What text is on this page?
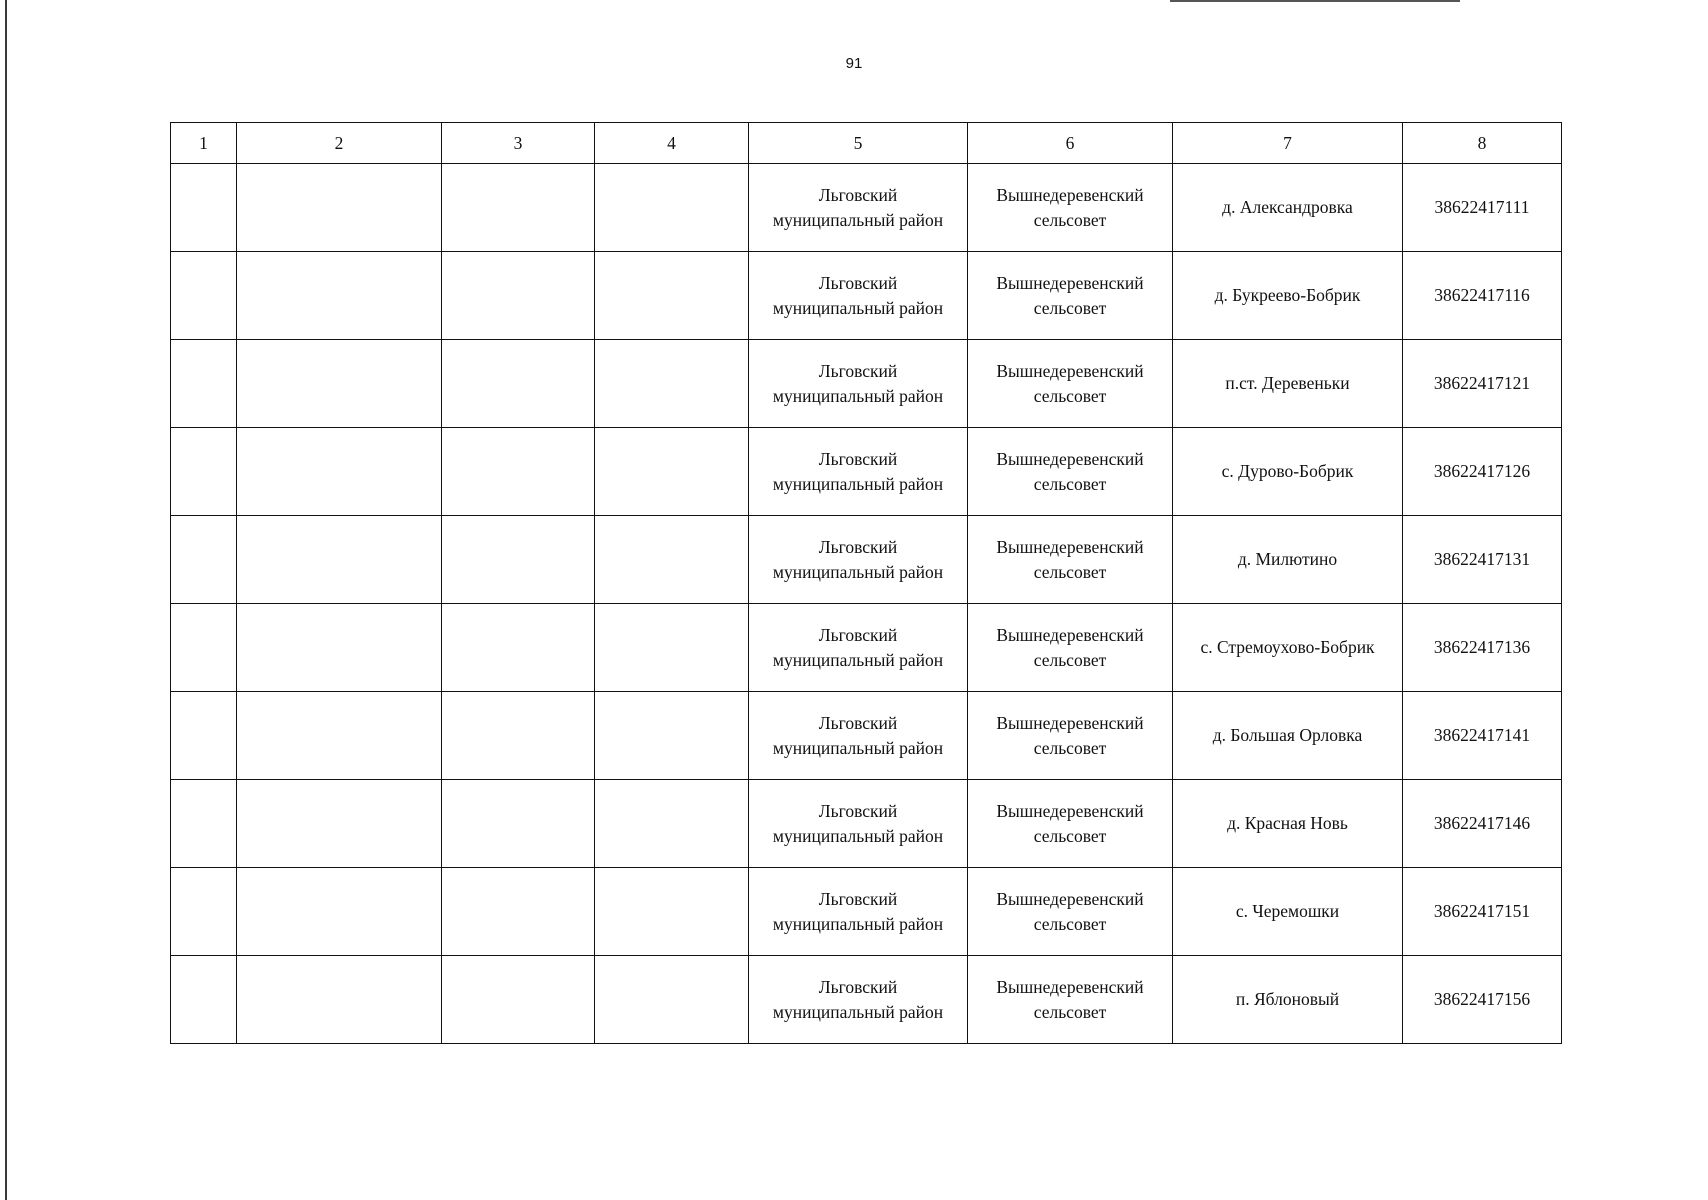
91
1	2	3	4	5	6	7	8

				Льговский
муниципальный район	Вышнедеревенский
сельсовет	д. Александровка	38622417111

				Льговский
муниципальный район	Вышнедеревенский
сельсовет	д. Букреево-Бобрик	38622417116

				Льговский
муниципальный район	Вышнедеревенский
сельсовет	п.ст. Деревеньки	38622417121

				Льговский
муниципальный район	Вышнедеревенский
сельсовет	с. Дурово-Бобрик	38622417126

				Льговский
муниципальный район	Вышнедеревенский
сельсовет	д. Милютино	38622417131

				Льговский
муниципальный район	Вышнедеревенский
сельсовет	с. Стремоухово-Бобрик	38622417136

				Льговский
муниципальный район	Вышнедеревенский
сельсовет	д. Большая Орловка	38622417141

				Льговский
муниципальный район	Вышнедеревенский
сельсовет	д. Красная Новь	38622417146

				Льговский
муниципальный район	Вышнедеревенский
сельсовет	с. Черемошки	38622417151

				Льговский
муниципальный район	Вышнедеревенский
сельсовет	п. Яблоновый	38622417156
